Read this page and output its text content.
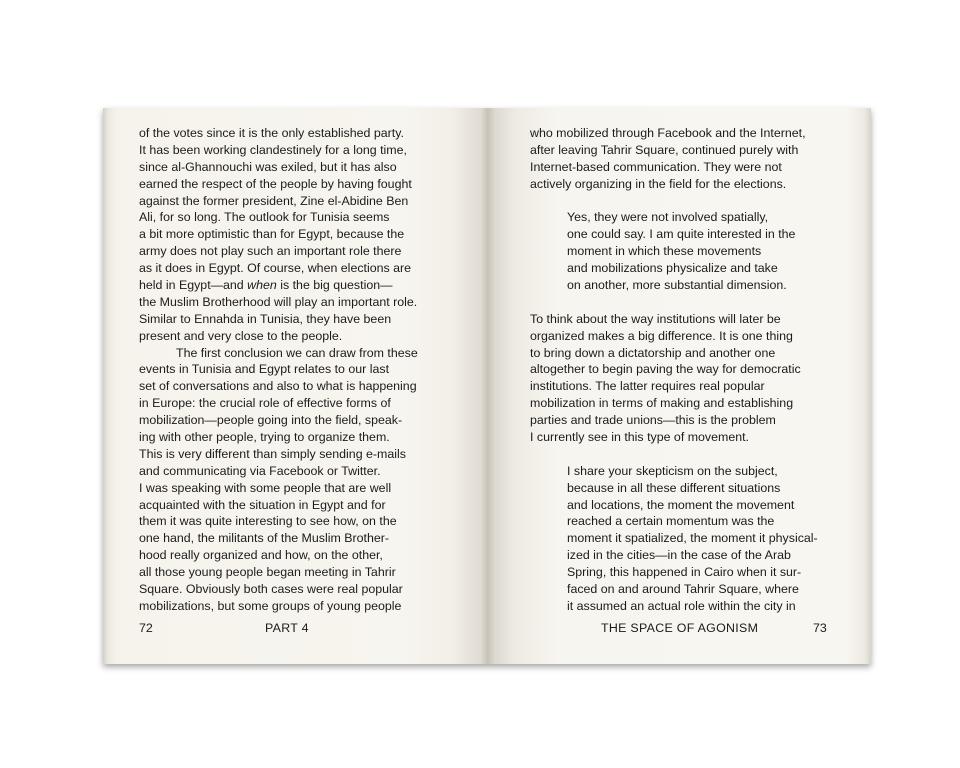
of the votes since it is the only established party.
It has been working clandestinely for a long time,
since al-Ghannouchi was exiled, but it has also
earned the respect of the people by having fought
against the former president, Zine el-Abidine Ben
Ali, for so long. The outlook for Tunisia seems
a bit more optimistic than for Egypt, because the
army does not play such an important role there
as it does in Egypt. Of course, when elections are
held in Egypt—and when is the big question—
the Muslim Brotherhood will play an important role.
Similar to Ennahda in Tunisia, they have been
present and very close to the people.
The first conclusion we can draw from these
events in Tunisia and Egypt relates to our last
set of conversations and also to what is happening
in Europe: the crucial role of effective forms of
mobilization—people going into the field, speak-
ing with other people, trying to organize them.
This is very different than simply sending e-mails
and communicating via Facebook or Twitter.
I was speaking with some people that are well
acquainted with the situation in Egypt and for
them it was quite interesting to see how, on the
one hand, the militants of the Muslim Brother-
hood really organized and how, on the other,
all those young people began meeting in Tahrir
Square. Obviously both cases were real popular
mobilizations, but some groups of young people
72	PART 4
who mobilized through Facebook and the Internet,
after leaving Tahrir Square, continued purely with
Internet-based communication. They were not
actively organizing in the field for the elections.
Yes, they were not involved spatially,
one could say. I am quite interested in the
moment in which these movements
and mobilizations physicalize and take
on another, more substantial dimension.
To think about the way institutions will later be
organized makes a big difference. It is one thing
to bring down a dictatorship and another one
altogether to begin paving the way for democratic
institutions. The latter requires real popular
mobilization in terms of making and establishing
parties and trade unions—this is the problem
I currently see in this type of movement.
I share your skepticism on the subject,
because in all these different situations
and locations, the moment the movement
reached a certain momentum was the
moment it spatialized, the moment it physical-
ized in the cities—in the case of the Arab
Spring, this happened in Cairo when it sur-
faced on and around Tahrir Square, where
it assumed an actual role within the city in
THE SPACE OF AGONISM	73
